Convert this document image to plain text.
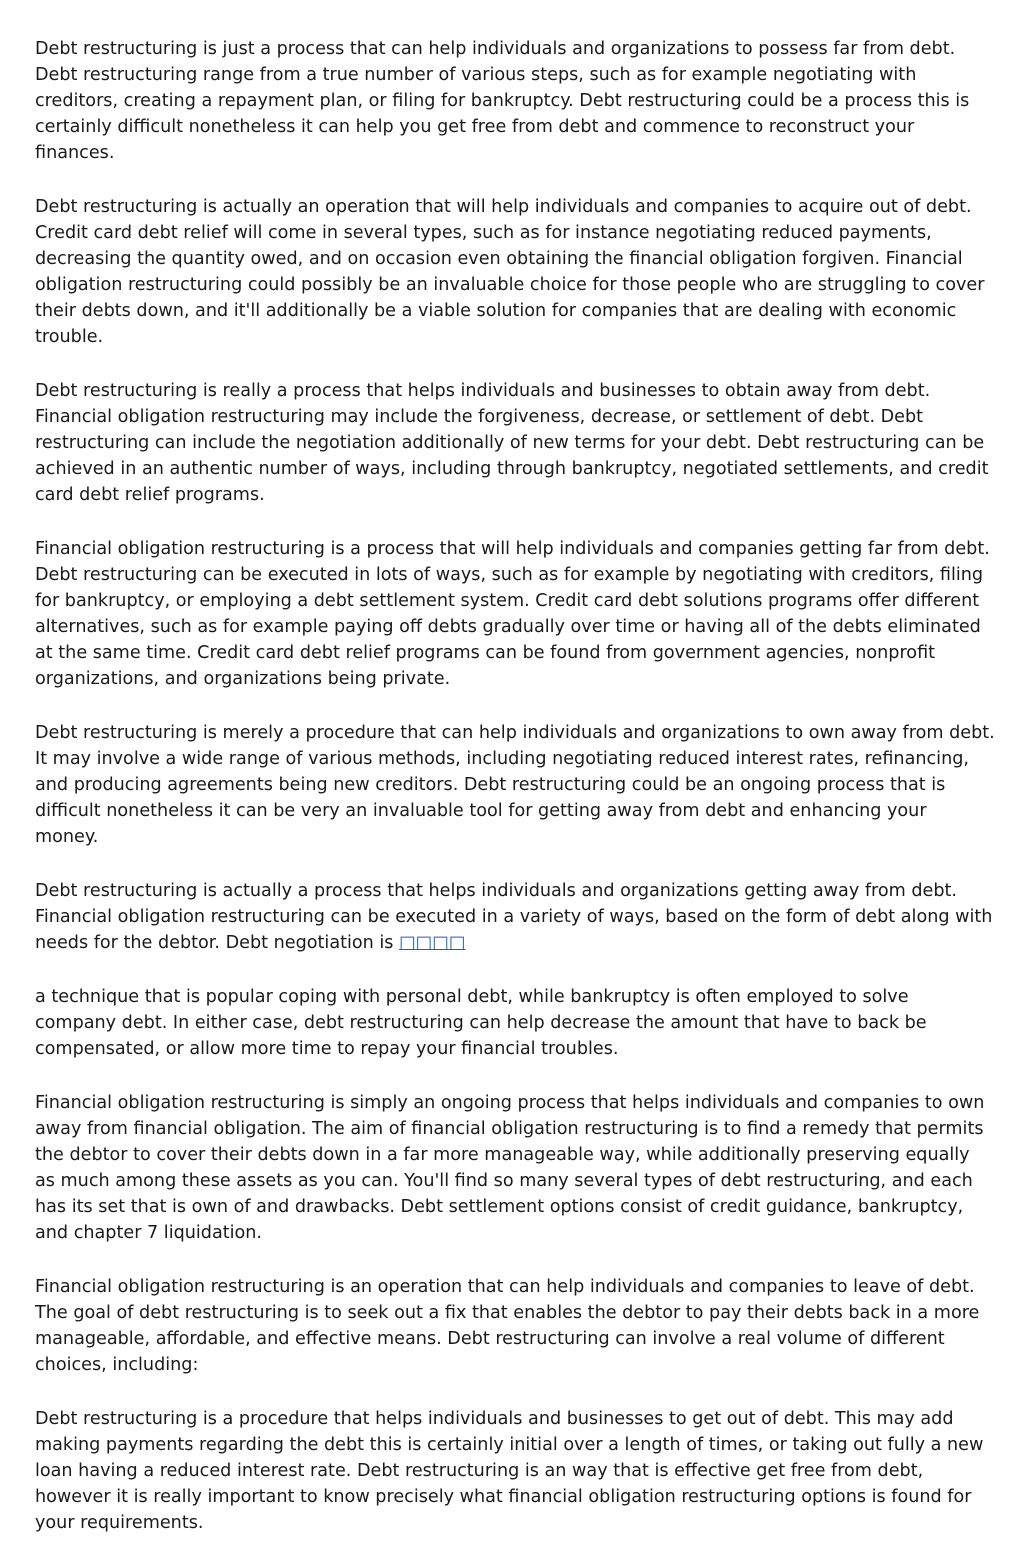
Debt restructuring is just a process that can help individuals and organizations to possess far from debt. Debt restructuring range from a true number of various steps, such as for example negotiating with creditors, creating a repayment plan, or filing for bankruptcy. Debt restructuring could be a process this is certainly difficult nonetheless it can help you get free from debt and commence to reconstruct your finances.

Debt restructuring is actually an operation that will help individuals and companies to acquire out of debt. Credit card debt relief will come in several types, such as for instance negotiating reduced payments, decreasing the quantity owed, and on occasion even obtaining the financial obligation forgiven. Financial obligation restructuring could possibly be an invaluable choice for those people who are struggling to cover their debts down, and it'll additionally be a viable solution for companies that are dealing with economic trouble.

Debt restructuring is really a process that helps individuals and businesses to obtain away from debt. Financial obligation restructuring may include the forgiveness, decrease, or settlement of debt. Debt restructuring can include the negotiation additionally of new terms for your debt. Debt restructuring can be achieved in an authentic number of ways, including through bankruptcy, negotiated settlements, and credit card debt relief programs.

Financial obligation restructuring is a process that will help individuals and companies getting far from debt. Debt restructuring can be executed in lots of ways, such as for example by negotiating with creditors, filing for bankruptcy, or employing a debt settlement system. Credit card debt solutions programs offer different alternatives, such as for example paying off debts gradually over time or having all of the debts eliminated at the same time. Credit card debt relief programs can be found from government agencies, nonprofit organizations, and organizations being private.

Debt restructuring is merely a procedure that can help individuals and organizations to own away from debt. It may involve a wide range of various methods, including negotiating reduced interest rates, refinancing, and producing agreements being new creditors. Debt restructuring could be an ongoing process that is difficult nonetheless it can be very an invaluable tool for getting away from debt and enhancing your money.

Debt restructuring is actually a process that helps individuals and organizations getting away from debt. Financial obligation restructuring can be executed in a variety of ways, based on the form of debt along with needs for the debtor. Debt negotiation is □□□□

a technique that is popular coping with personal debt, while bankruptcy is often employed to solve company debt. In either case, debt restructuring can help decrease the amount that have to back be compensated, or allow more time to repay your financial troubles.

Financial obligation restructuring is simply an ongoing process that helps individuals and companies to own away from financial obligation. The aim of financial obligation restructuring is to find a remedy that permits the debtor to cover their debts down in a far more manageable way, while additionally preserving equally as much among these assets as you can. You'll find so many several types of debt restructuring, and each has its set that is own of and drawbacks. Debt settlement options consist of credit guidance, bankruptcy, and chapter 7 liquidation.

Financial obligation restructuring is an operation that can help individuals and companies to leave of debt. The goal of debt restructuring is to seek out a fix that enables the debtor to pay their debts back in a more manageable, affordable, and effective means. Debt restructuring can involve a real volume of different choices, including:

Debt restructuring is a procedure that helps individuals and businesses to get out of debt. This may add making payments regarding the debt this is certainly initial over a length of times, or taking out fully a new loan having a reduced interest rate. Debt restructuring is an way that is effective get free from debt, however it is really important to know precisely what financial obligation restructuring options is found for your requirements.
